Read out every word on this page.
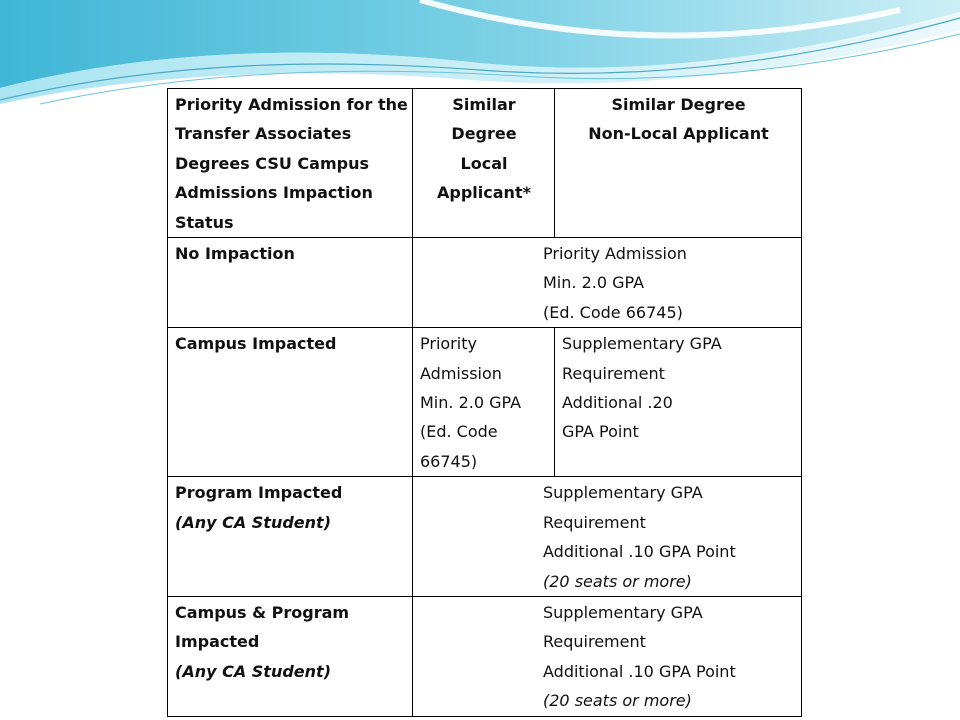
Priority Admission for the
Transfer Associates
Degrees CSU Campus
Admissions Impaction
Status	Similar
Degree
Local
Applicant*	Similar Degree
Non-Local Applicant

No Impaction	Priority Admission
Min. 2.0 GPA
(Ed. Code 66745)	

Campus Impacted	Priority
Admission
Min. 2.0 GPA
(Ed. Code
66745)	Supplementary GPA
Requirement
Additional .20
GPA Point

Program Impacted
(Any CA Student)	Supplementary GPA
Requirement
Additional .10 GPA Point
(20 seats or more)	

Campus & Program
Impacted
(Any CA Student)	Supplementary GPA
Requirement
Additional .10 GPA Point
(20 seats or more)	
